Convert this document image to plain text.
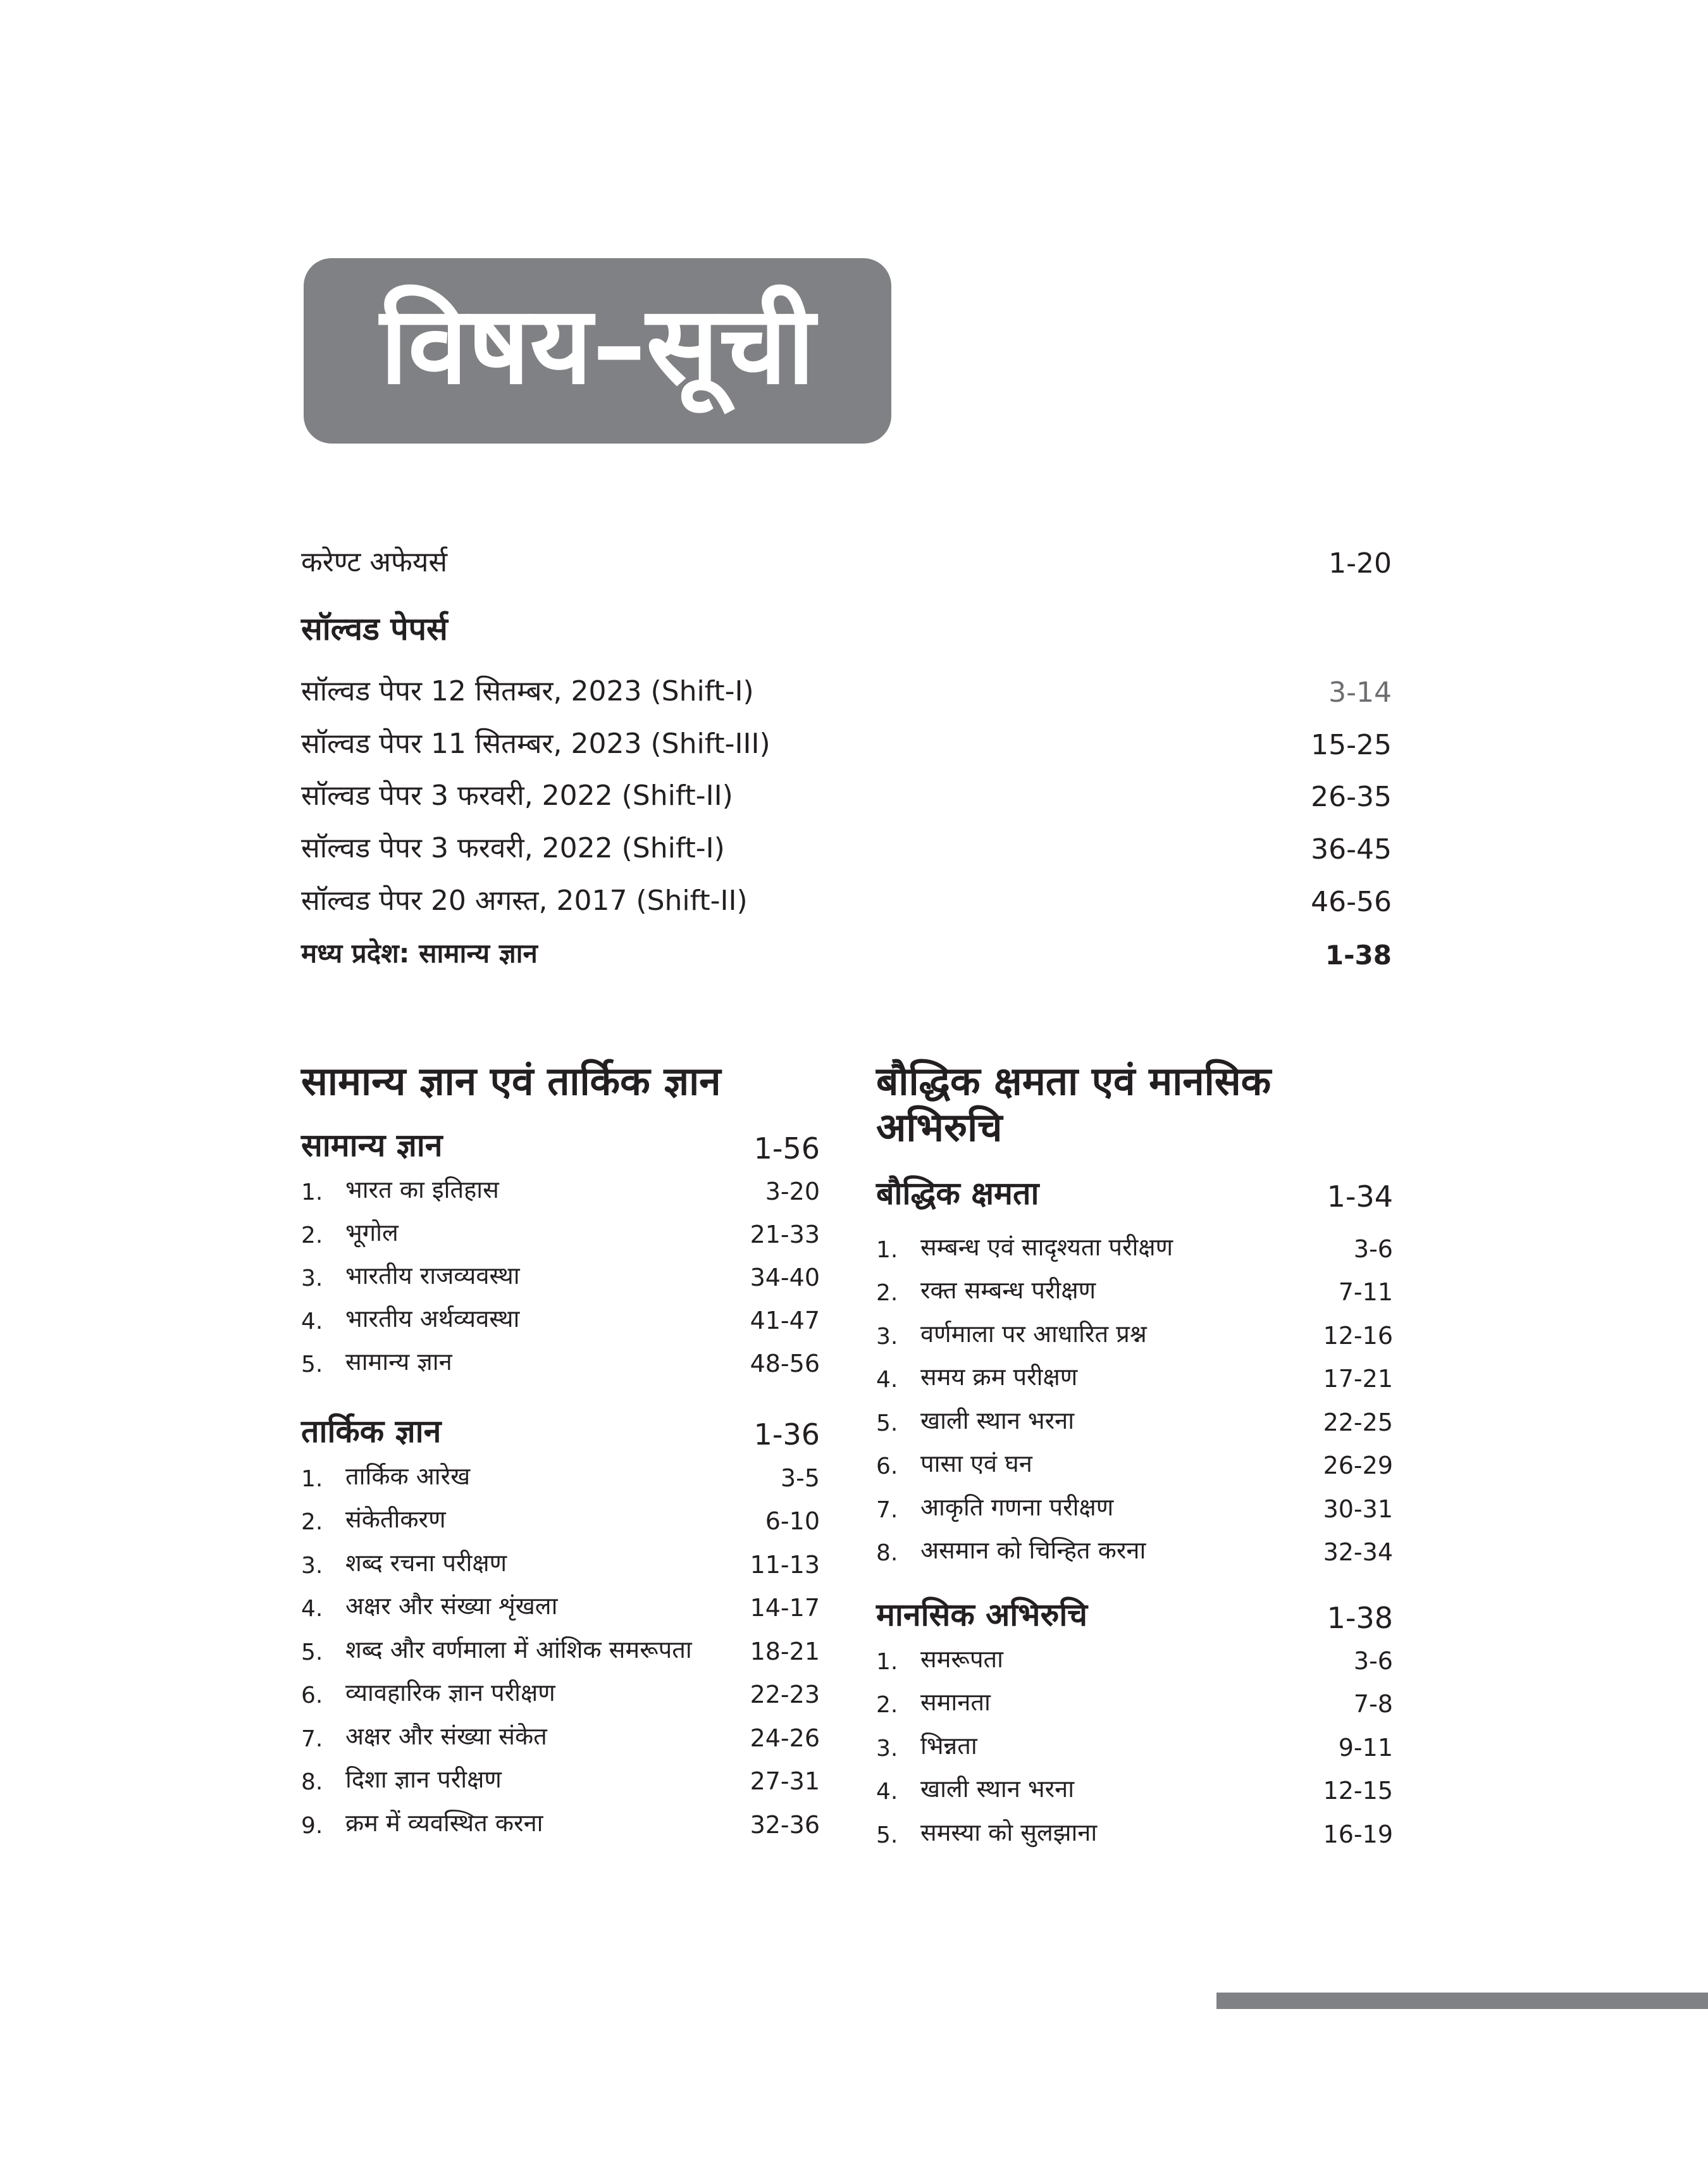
विषय–सूची
करेण्ट अफेयर्स	1-20
सॉल्वड पेपर्स
सॉल्वड पेपर 12 सितम्बर, 2023 (Shift-I)	3-14
सॉल्वड पेपर 11 सितम्बर, 2023 (Shift-III)	15-25
सॉल्वड पेपर 3 फरवरी, 2022 (Shift-II)	26-35
सॉल्वड पेपर 3 फरवरी, 2022 (Shift-I)	36-45
सॉल्वड पेपर 20 अगस्त, 2017 (Shift-II)	46-56
मध्य प्रदेश: सामान्य ज्ञान	1-38
सामान्य ज्ञान एवं तार्किक ज्ञान
सामान्य ज्ञान	1-56
1. भारत का इतिहास	3-20
2. भूगोल	21-33
3. भारतीय राजव्यवस्था	34-40
4. भारतीय अर्थव्यवस्था	41-47
5. सामान्य ज्ञान	48-56
तार्किक ज्ञान	1-36
1. तार्किक आरेख	3-5
2. संकेतीकरण	6-10
3. शब्द रचना परीक्षण	11-13
4. अक्षर और संख्या शृंखला	14-17
5. शब्द और वर्णमाला में आंशिक समरूपता 18-21
6. व्यावहारिक ज्ञान परीक्षण	22-23
7. अक्षर और संख्या संकेत	24-26
8. दिशा ज्ञान परीक्षण	27-31
9. क्रम में व्यवस्थित करना	32-36
बौद्धिक क्षमता एवं मानसिक
अभिरुचि
बौद्धिक क्षमता	1-34
1. सम्बन्ध एवं सादृश्यता परीक्षण	3-6
2. रक्त सम्बन्ध परीक्षण	7-11
3. वर्णमाला पर आधारित प्रश्न	12-16
4. समय क्रम परीक्षण	17-21
5. खाली स्थान भरना	22-25
6. पासा एवं घन	26-29
7. आकृति गणना परीक्षण	30-31
8. असमान को चिन्हित करना	32-34
मानसिक अभिरुचि	1-38
1. समरूपता	3-6
2. समानता	7-8
3. भिन्नता	9-11
4. खाली स्थान भरना	12-15
5. समस्या को सुलझाना	16-19
